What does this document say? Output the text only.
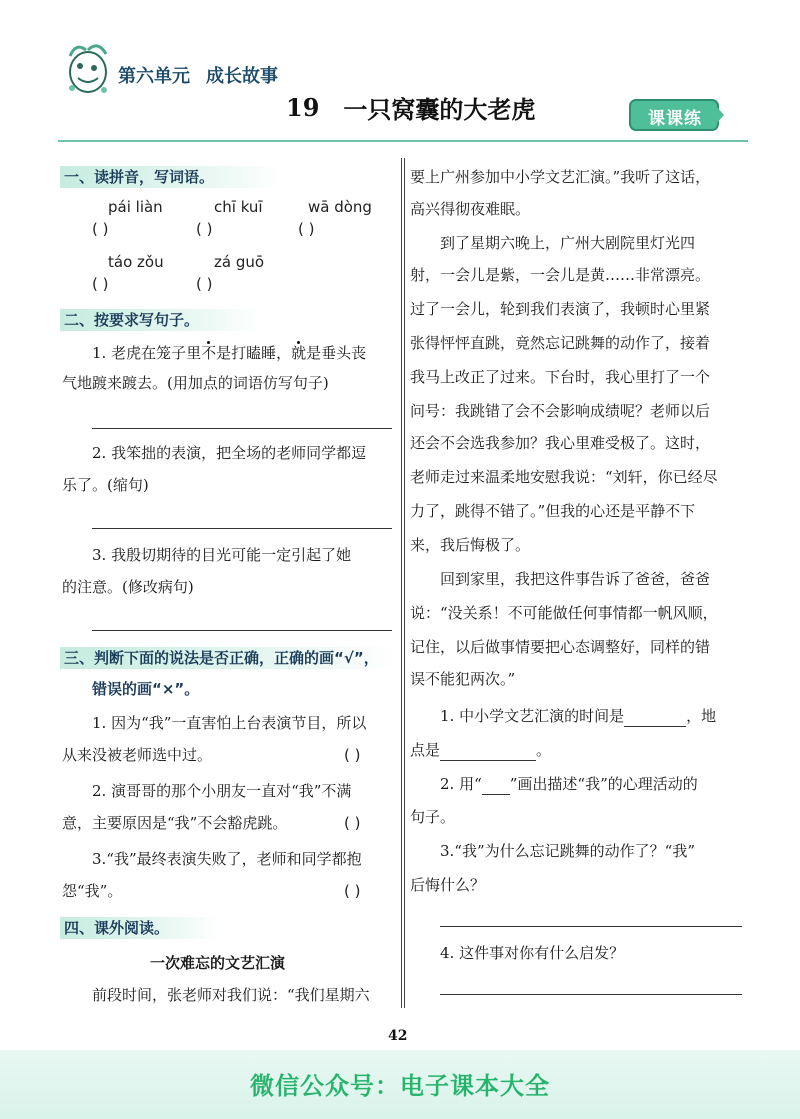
第六单元 成长故事
19 一只窝囊的大老虎	课课练
一、读拼音，写词语。
pái liàn	chī kuī	wā dòng
( )	( )	( )
táo zǒu	zá guō
( )	( )
二、按要求写句子。
1. 老虎在笼子里不
是打瞌睡，就
是垂头丧
气地踱来踱去。(用加点的词语仿写句子)
2. 我笨拙的表演，把全场的老师同学都逗
乐了。(缩句)
3. 我殷切期待的目光可能一定引起了她
的注意。(修改病句)
三、判断下面的说法是否正确，正确的画“√”，
错误的画“×”。
1. 因为“我”一直害怕上台表演节目，所以
从来没被老师选中过。	( )
2. 演哥哥的那个小朋友一直对“我”不满
意，主要原因是“我”不会豁虎跳。	( )
3.“我”最终表演失败了，老师和同学都抱
怨“我”。	( )
四、课外阅读。
一次难忘的文艺汇演
前段时间，张老师对我们说：“我们星期六
要上广州参加中小学文艺汇演。”我听了这话，
高兴得彻夜难眠。
到了星期六晚上，广州大剧院里灯光四
射，一会儿是紫，一会儿是黄……非常漂亮。
过了一会儿，轮到我们表演了，我顿时心里紧
张得怦怦直跳，竟然忘记跳舞的动作了，接着
我马上改正了过来。下台时，我心里打了一个
问号：我跳错了会不会影响成绩呢？老师以后
还会不会选我参加？我心里难受极了。这时，
老师走过来温柔地安慰我说：“刘轩，你已经尽
力了，跳得不错了。”但我的心还是平静不下
来，我后悔极了。
回到家里，我把这件事告诉了爸爸，爸爸
说：“没关系！不可能做任何事情都一帆风顺，
记住，以后做事情要把心态调整好，同样的错
误不能犯两次。”
1. 中小学文艺汇演的时间是	，地
点是	。
2. 用“ ”画出描述“我”的心理活动的
句子。
3.“我”为什么忘记跳舞的动作了？“我”
后悔什么？
4. 这件事对你有什么启发？
42
微信公众号：电子课本大全
